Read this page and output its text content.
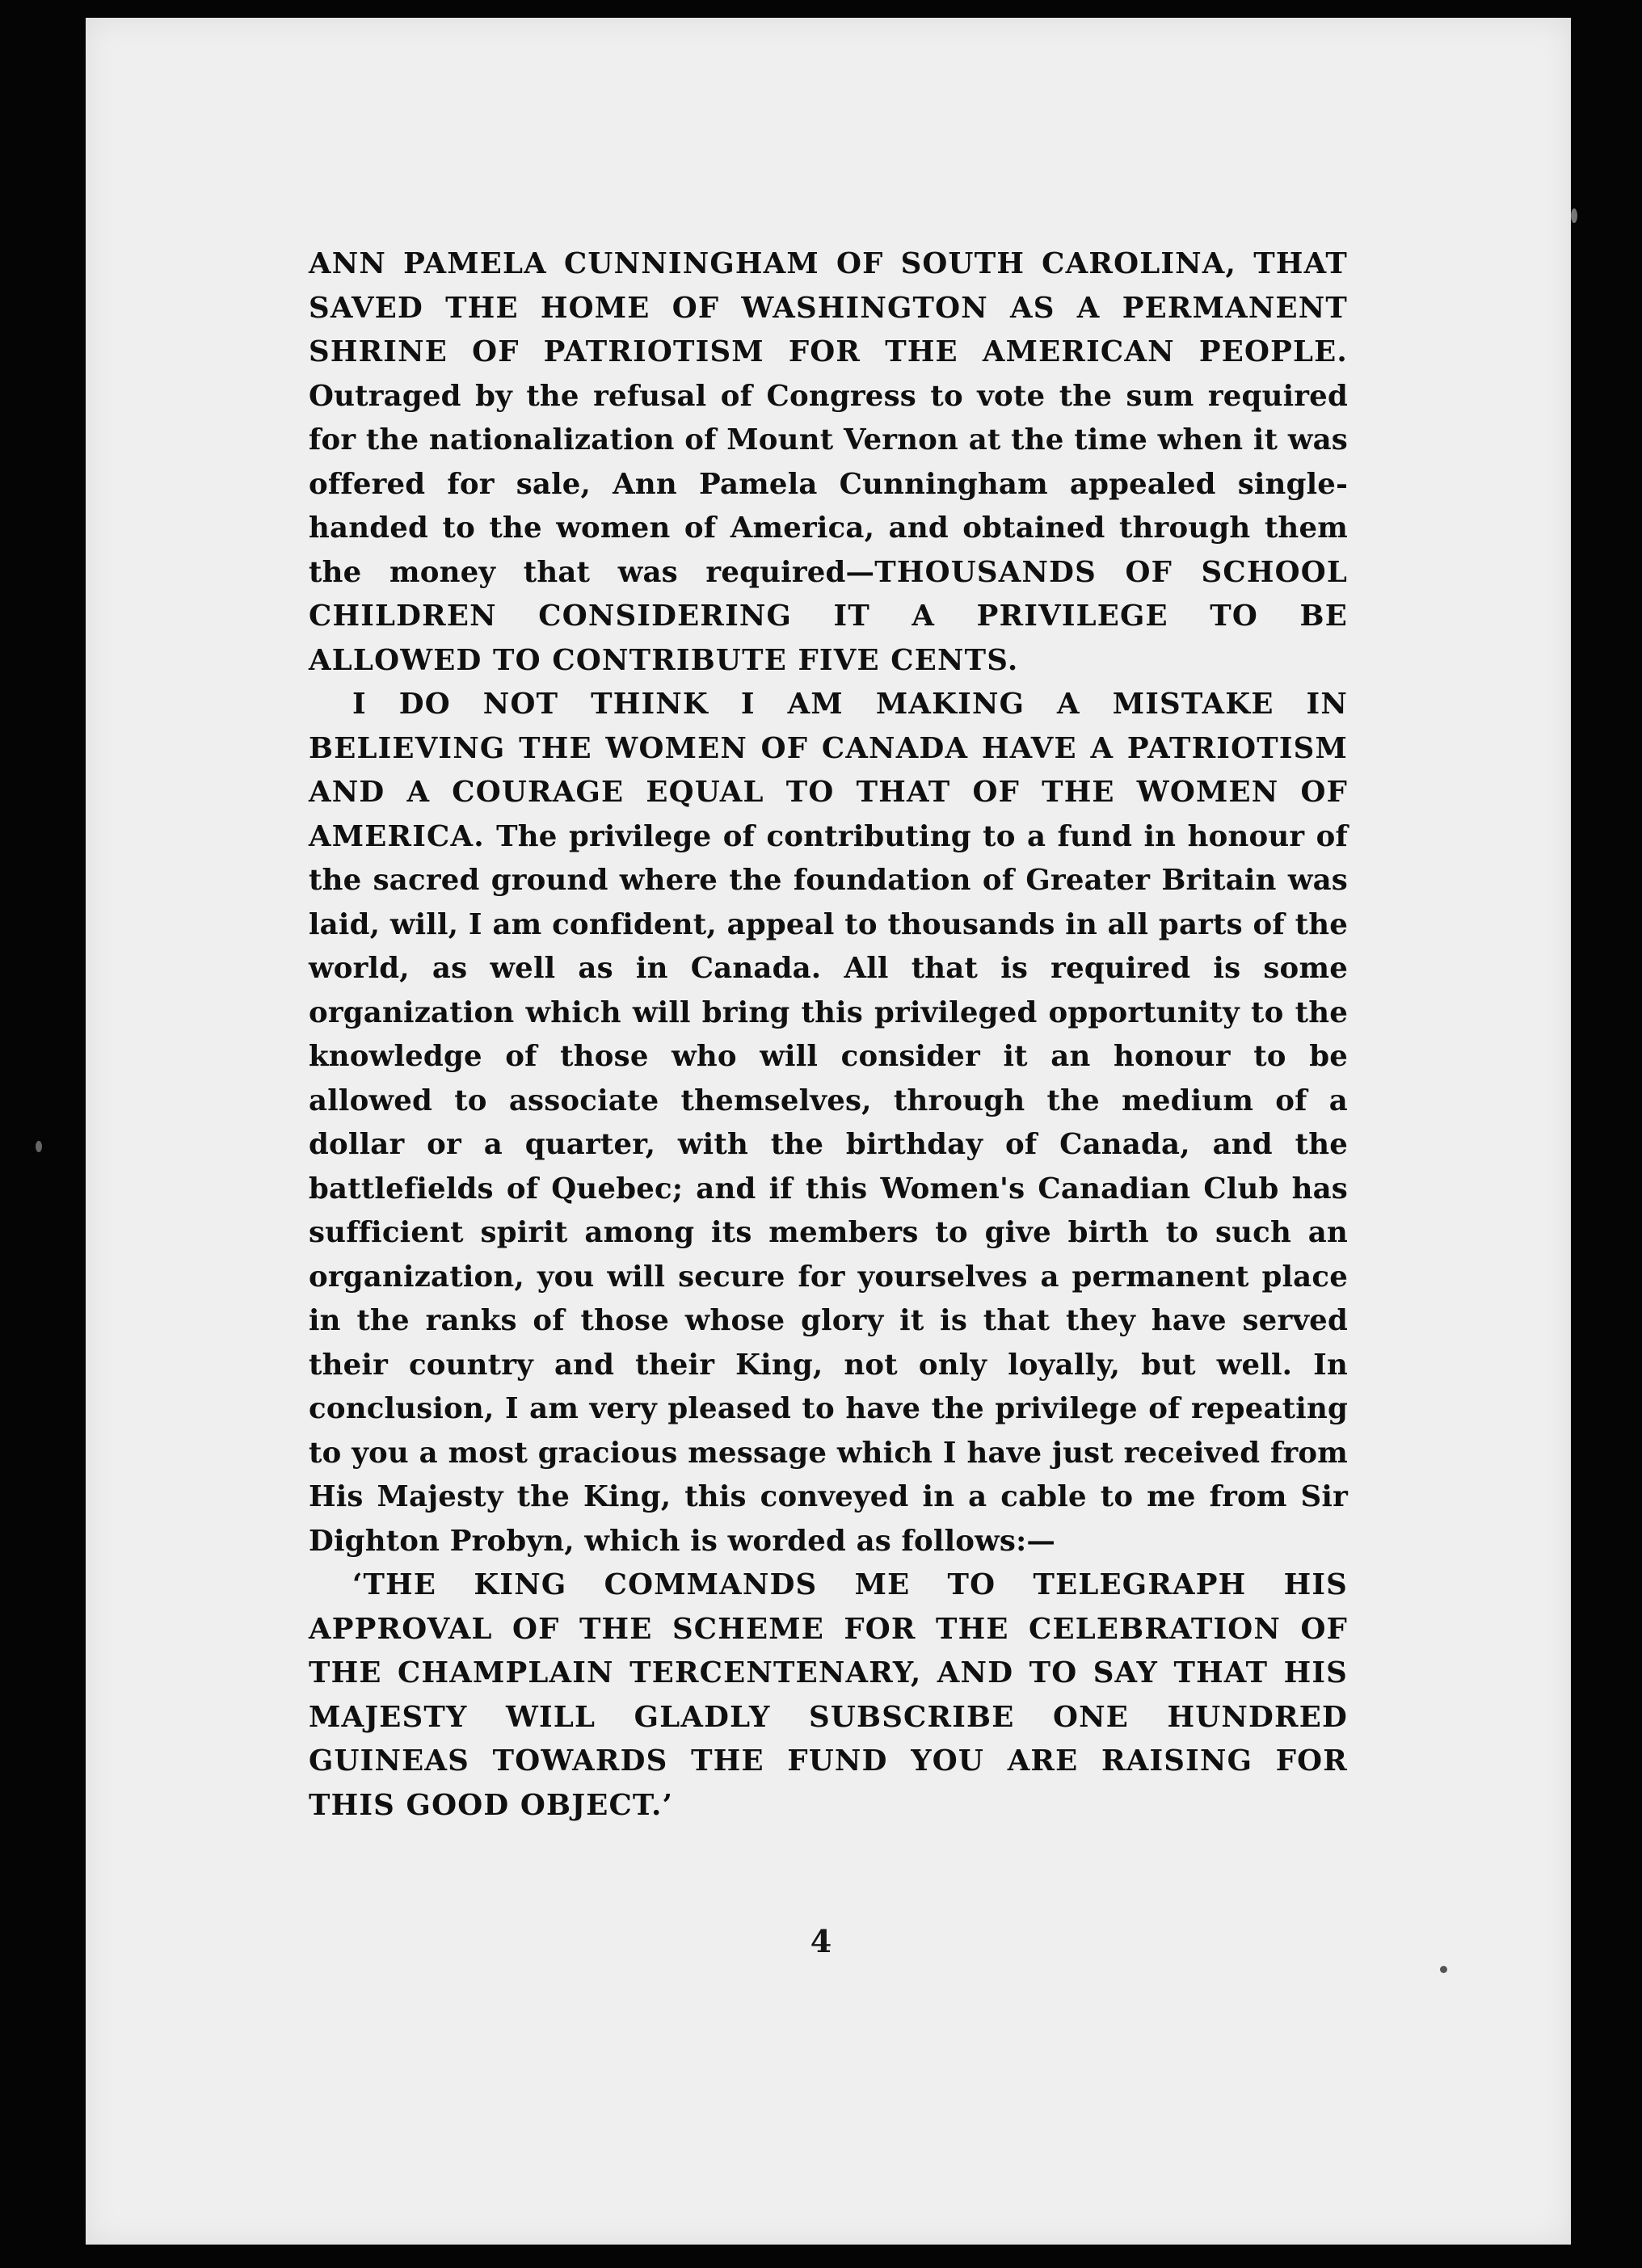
ANN PAMELA CUNNINGHAM OF SOUTH CAROLINA, THAT SAVED THE HOME OF WASHINGTON AS A PERMANENT SHRINE OF PATRIOTISM FOR THE AMERICAN PEOPLE. Outraged by the refusal of Congress to vote the sum required for the nationalization of Mount Vernon at the time when it was offered for sale, Ann Pamela Cunningham appealed single-handed to the women of America, and obtained through them the money that was required—THOUSANDS OF SCHOOL CHILDREN CONSIDERING IT A PRIVILEGE TO BE ALLOWED TO CONTRIBUTE FIVE CENTS.

I DO NOT THINK I AM MAKING A MISTAKE IN BELIEVING THE WOMEN OF CANADA HAVE A PATRIOTISM AND A COURAGE EQUAL TO THAT OF THE WOMEN OF AMERICA. The privilege of contributing to a fund in honour of the sacred ground where the foundation of Greater Britain was laid, will, I am confident, appeal to thousands in all parts of the world, as well as in Canada. All that is required is some organization which will bring this privileged opportunity to the knowledge of those who will consider it an honour to be allowed to associate themselves, through the medium of a dollar or a quarter, with the birthday of Canada, and the battlefields of Quebec; and if this Women's Canadian Club has sufficient spirit among its members to give birth to such an organization, you will secure for yourselves a permanent place in the ranks of those whose glory it is that they have served their country and their King, not only loyally, but well. In conclusion, I am very pleased to have the privilege of repeating to you a most gracious message which I have just received from His Majesty the King, this conveyed in a cable to me from Sir Dighton Probyn, which is worded as follows:—

‘THE KING COMMANDS ME TO TELEGRAPH HIS APPROVAL OF THE SCHEME FOR THE CELEBRATION OF THE CHAMPLAIN TERCENTENARY, AND TO SAY THAT HIS MAJESTY WILL GLADLY SUBSCRIBE ONE HUNDRED GUINEAS TOWARDS THE FUND YOU ARE RAISING FOR THIS GOOD OBJECT.’

4
